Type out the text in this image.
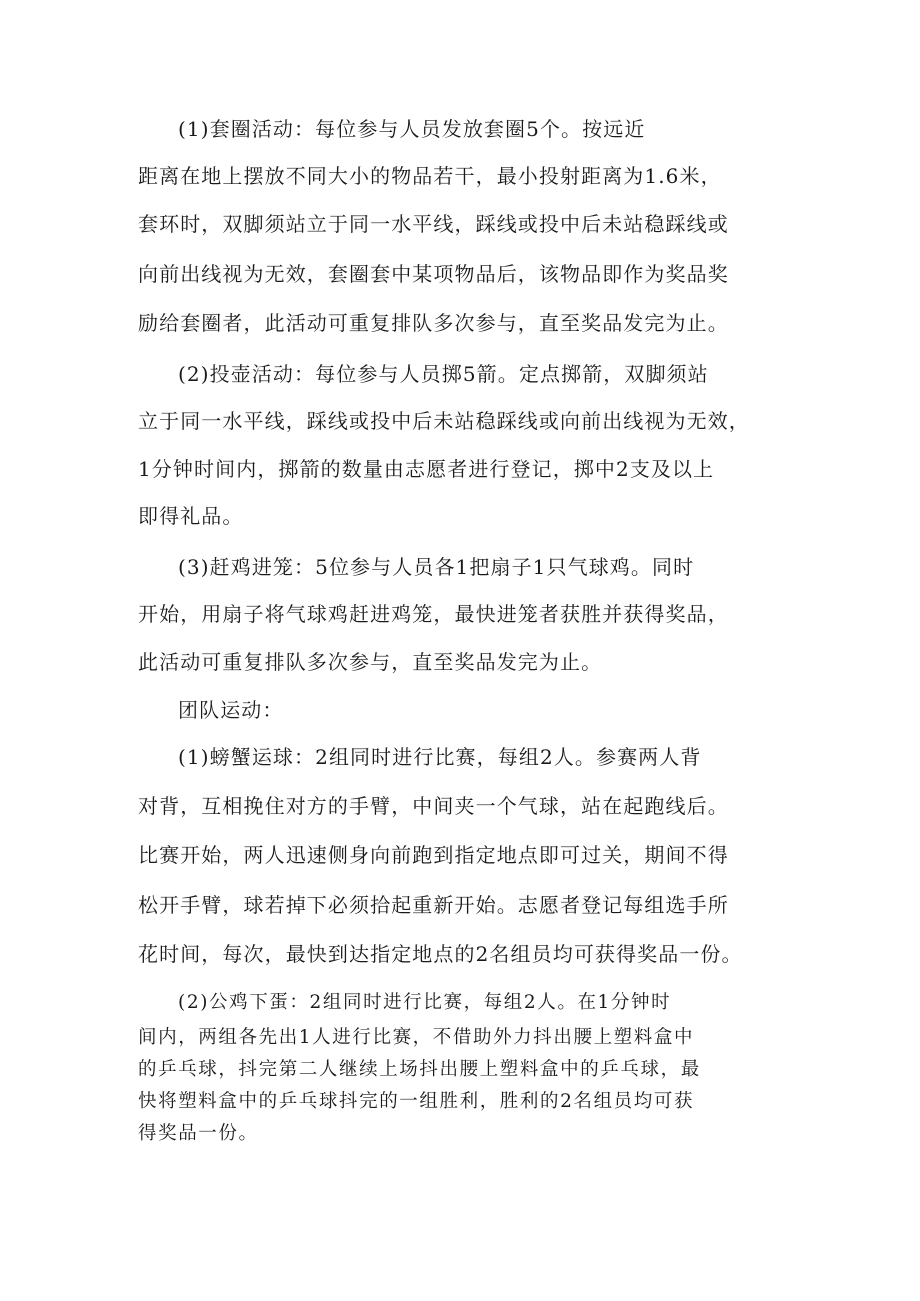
(1)套圈活动：每位参与人员发放套圈5个。按远近
距离在地上摆放不同大小的物品若干，最小投射距离为1.6米，
套环时，双脚须站立于同一水平线，踩线或投中后未站稳踩线或
向前出线视为无效，套圈套中某项物品后，该物品即作为奖品奖
励给套圈者，此活动可重复排队多次参与，直至奖品发完为止。
(2)投壶活动：每位参与人员掷5箭。定点掷箭，双脚须站
立于同一水平线，踩线或投中后未站稳踩线或向前出线视为无效，
1分钟时间内，掷箭的数量由志愿者进行登记，掷中2支及以上
即得礼品。
(3)赶鸡进笼：5位参与人员各1把扇子1只气球鸡。同时
开始，用扇子将气球鸡赶进鸡笼，最快进笼者获胜并获得奖品，
此活动可重复排队多次参与，直至奖品发完为止。
团队运动：
(1)螃蟹运球：2组同时进行比赛，每组2人。参赛两人背
对背，互相挽住对方的手臂，中间夹一个气球，站在起跑线后。
比赛开始，两人迅速侧身向前跑到指定地点即可过关，期间不得
松开手臂，球若掉下必须拾起重新开始。志愿者登记每组选手所
花时间，每次，最快到达指定地点的2名组员均可获得奖品一份。
(2)公鸡下蛋：2组同时进行比赛，每组2人。在1分钟时
间内，两组各先出1人进行比赛，不借助外力抖出腰上塑料盒中
的乒乓球，抖完第二人继续上场抖出腰上塑料盒中的乒乓球，最
快将塑料盒中的乒乓球抖完的一组胜利，胜利的2名组员均可获
得奖品一份。
